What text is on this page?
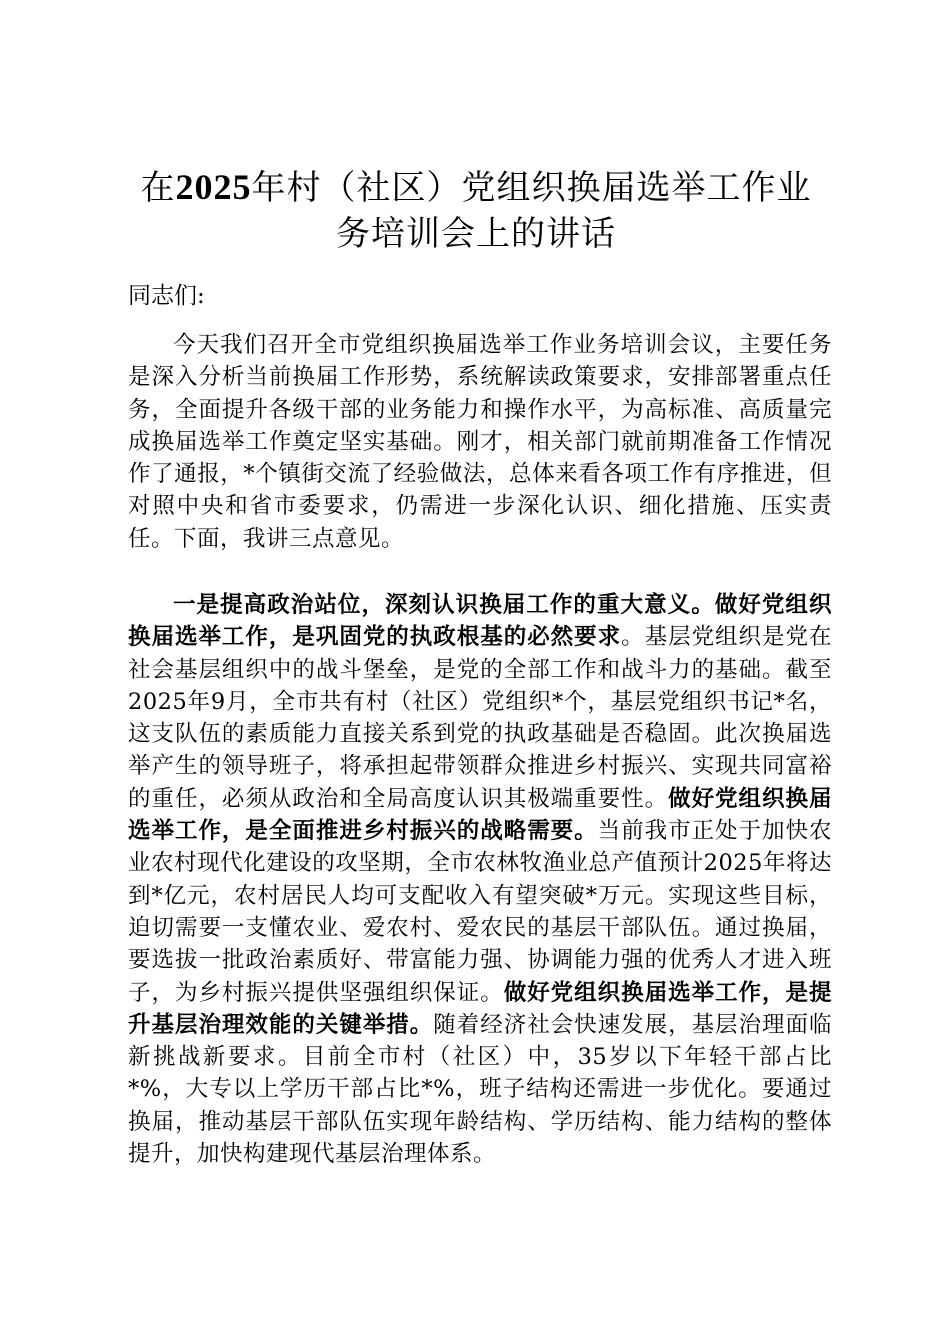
在2025年村（社区）党组织换届选举工作业
务培训会上的讲话
同志们:
今天我们召开全市党组织换届选举工作业务培训会议，主要任务是深入分析当前换届工作形势，系统解读政策要求，安排部署重点任务，全面提升各级干部的业务能力和操作水平，为高标准、高质量完成换届选举工作奠定坚实基础。刚才，相关部门就前期准备工作情况作了通报，*个镇街交流了经验做法，总体来看各项工作有序推进，但对照中央和省市委要求，仍需进一步深化认识、细化措施、压实责任。下面，我讲三点意见。
一是提高政治站位，深刻认识换届工作的重大意义。做好党组织换届选举工作，是巩固党的执政根基的必然要求。基层党组织是党在社会基层组织中的战斗堡垒，是党的全部工作和战斗力的基础。截至2025年9月，全市共有村（社区）党组织*个，基层党组织书记*名，这支队伍的素质能力直接关系到党的执政基础是否稳固。此次换届选举产生的领导班子，将承担起带领群众推进乡村振兴、实现共同富裕的重任，必须从政治和全局高度认识其极端重要性。做好党组织换届选举工作，是全面推进乡村振兴的战略需要。当前我市正处于加快农业农村现代化建设的攻坚期，全市农林牧渔业总产值预计2025年将达到*亿元，农村居民人均可支配收入有望突破*万元。实现这些目标，迫切需要一支懂农业、爱农村、爱农民的基层干部队伍。通过换届，要选拔一批政治素质好、带富能力强、协调能力强的优秀人才进入班子，为乡村振兴提供坚强组织保证。做好党组织换届选举工作，是提升基层治理效能的关键举措。随着经济社会快速发展，基层治理面临新挑战新要求。目前全市村（社区）中，35岁以下年轻干部占比*%，大专以上学历干部占比*%，班子结构还需进一步优化。要通过换届，推动基层干部队伍实现年龄结构、学历结构、能力结构的整体提升，加快构建现代基层治理体系。
